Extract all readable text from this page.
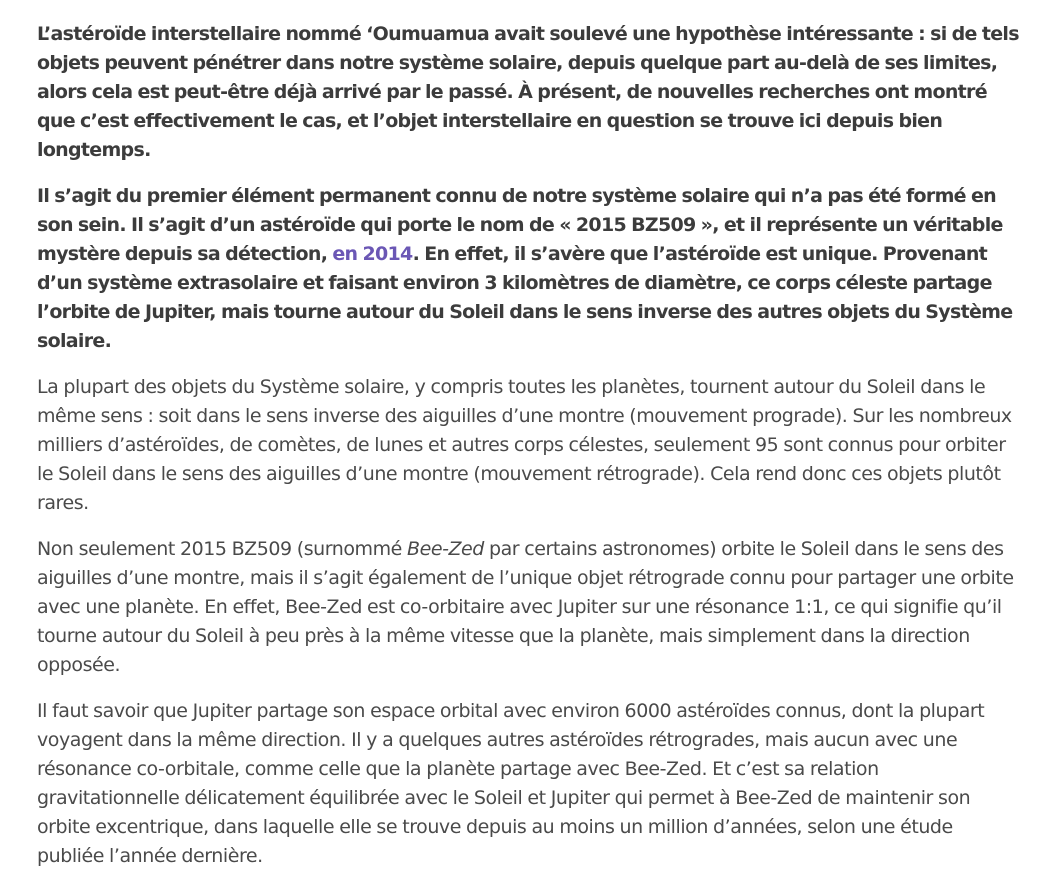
L’astéroïde interstellaire nommé ‘Oumuamua avait soulevé une hypothèse intéressante : si de tels objets peuvent pénétrer dans notre système solaire, depuis quelque part au-delà de ses limites, alors cela est peut-être déjà arrivé par le passé. À présent, de nouvelles recherches ont montré que c’est effectivement le cas, et l’objet interstellaire en question se trouve ici depuis bien longtemps.

Il s’agit du premier élément permanent connu de notre système solaire qui n’a pas été formé en son sein. Il s’agit d’un astéroïde qui porte le nom de « 2015 BZ509 », et il représente un véritable mystère depuis sa détection, en 2014. En effet, il s’avère que l’astéroïde est unique. Provenant d’un système extrasolaire et faisant environ 3 kilomètres de diamètre, ce corps céleste partage l’orbite de Jupiter, mais tourne autour du Soleil dans le sens inverse des autres objets du Système solaire.

La plupart des objets du Système solaire, y compris toutes les planètes, tournent autour du Soleil dans le même sens : soit dans le sens inverse des aiguilles d’une montre (mouvement prograde). Sur les nombreux milliers d’astéroïdes, de comètes, de lunes et autres corps célestes, seulement 95 sont connus pour orbiter le Soleil dans le sens des aiguilles d’une montre (mouvement rétrograde). Cela rend donc ces objets plutôt rares.

Non seulement 2015 BZ509 (surnommé Bee-Zed par certains astronomes) orbite le Soleil dans le sens des aiguilles d’une montre, mais il s’agit également de l’unique objet rétrograde connu pour partager une orbite avec une planète. En effet, Bee-Zed est co-orbitaire avec Jupiter sur une résonance 1:1, ce qui signifie qu’il tourne autour du Soleil à peu près à la même vitesse que la planète, mais simplement dans la direction opposée.

Il faut savoir que Jupiter partage son espace orbital avec environ 6000 astéroïdes connus, dont la plupart voyagent dans la même direction. Il y a quelques autres astéroïdes rétrogrades, mais aucun avec une résonance co-orbitale, comme celle que la planète partage avec Bee-Zed. Et c’est sa relation gravitationnelle délicatement équilibrée avec le Soleil et Jupiter qui permet à Bee-Zed de maintenir son orbite excentrique, dans laquelle elle se trouve depuis au moins un million d’années, selon une étude publiée l’année dernière.
